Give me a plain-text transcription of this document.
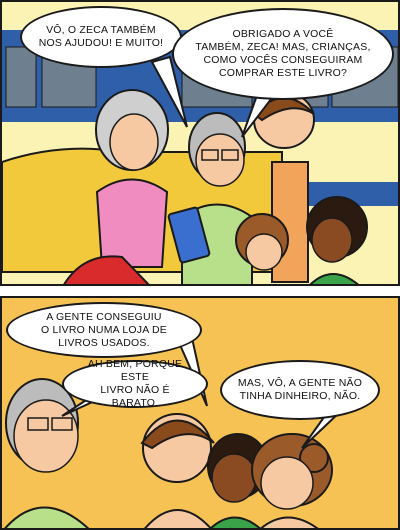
VÔ, O ZECA TAMBÉM
NOS AJUDOU! E MUITO!
OBRIGADO A VOCÊ
TAMBÉM, ZECA! MAS, CRIANÇAS,
COMO VOCÊS CONSEGUIRAM
COMPRAR ESTE LIVRO?
A GENTE CONSEGUIU
O LIVRO NUMA LOJA DE
LIVROS USADOS.
AH BEM, PORQUE ESTE
LIVRO NÃO É BARATO.
MAS, VÔ, A GENTE NÃO
TINHA DINHEIRO, NÃO.
